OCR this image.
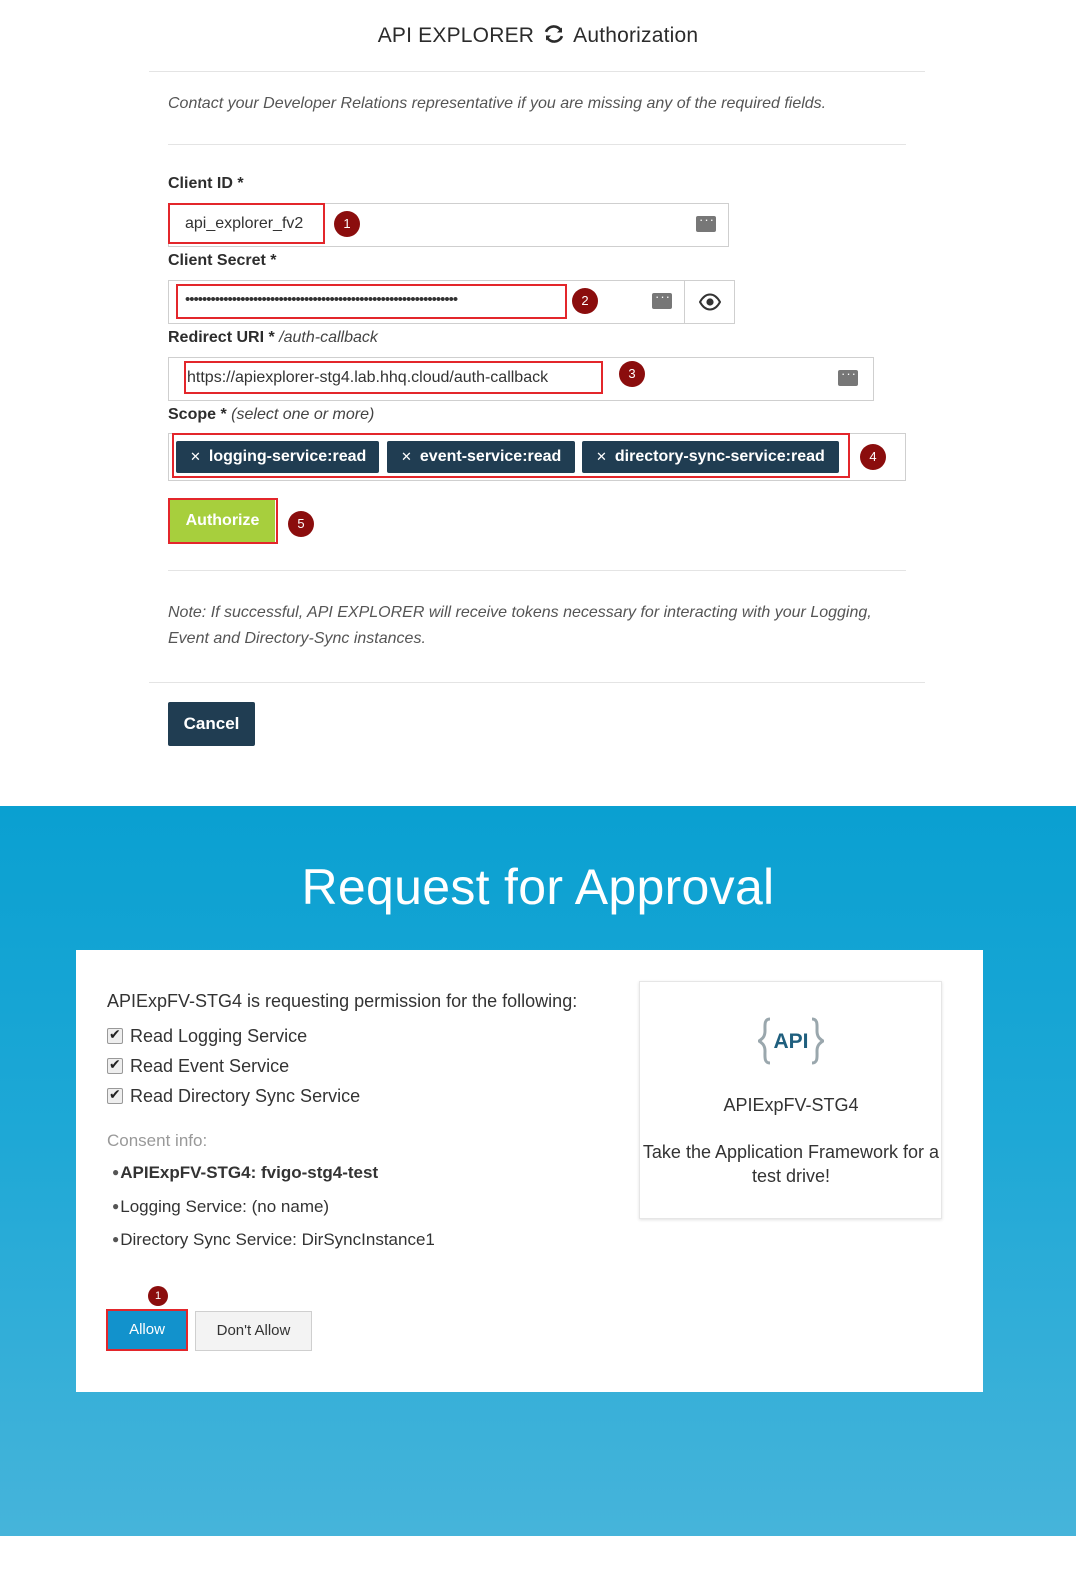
API EXPLORER Authorization
Contact your Developer Relations representative if you are missing any of the required fields.
Client ID *
api_explorer_fv2 ···	1
Client Secret *
•••••••••••••••••••••••••••••••••••••••••••••••••••••••••••••••• ···	2
Redirect URI * /auth-callback
https://apiexplorer-stg4.lab.hhq.cloud/auth-callback ···	3
Scope * (select one or more)
✕ logging-service:read	✕ event-service:read	✕ directory-sync-service:read	4
Authorize	5
Note: If successful, API EXPLORER will receive tokens necessary for interacting with your Logging, Event and Directory-Sync instances.
Cancel
Request for Approval
APIExpFV-STG4 is requesting permission for the following:
✔Read Logging Service
✔Read Event Service
✔Read Directory Sync Service
Consent info:
●APIExpFV-STG4: fvigo-stg4-test
●Logging Service: (no name)
●Directory Sync Service: DirSyncInstance1
API
APIExpFV-STG4
Take the Application Framework for a test drive!
1
Allow	Don't Allow
